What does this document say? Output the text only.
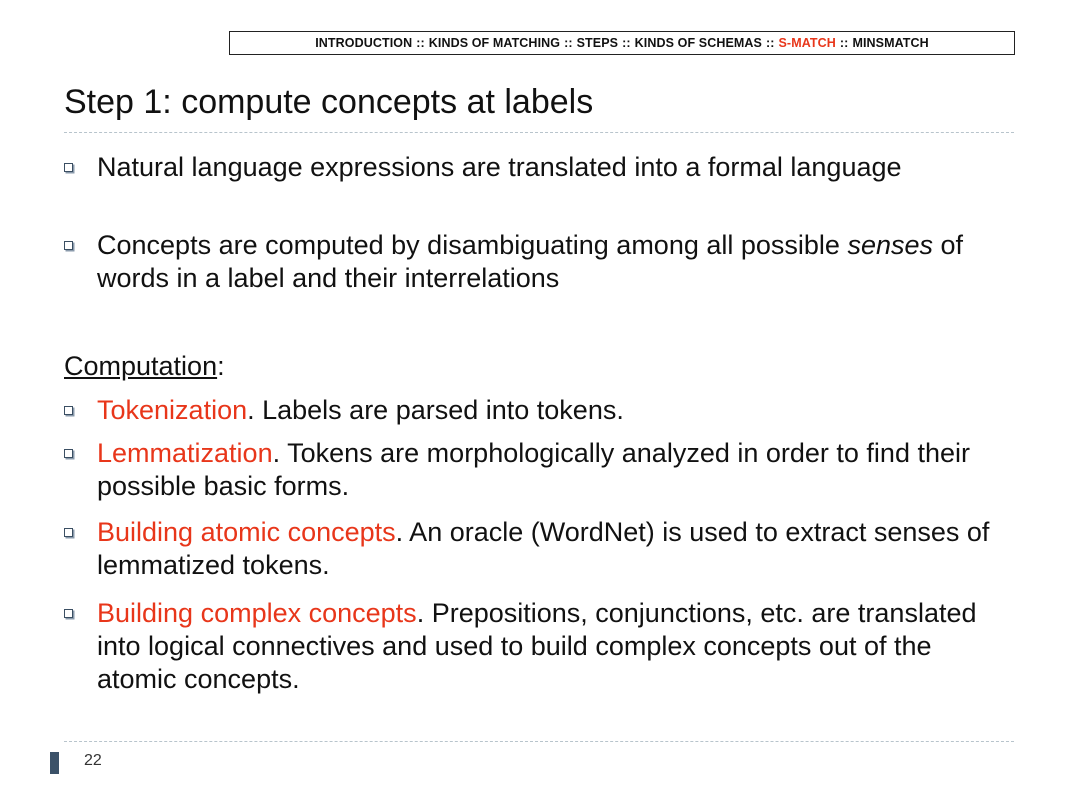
INTRODUCTION :: KINDS OF MATCHING :: STEPS :: KINDS OF SCHEMAS :: S-MATCH :: MINSMATCH
Step 1: compute concepts at labels
Natural language expressions are translated into a formal language
Concepts are computed by disambiguating among all possible senses of words in a label and their interrelations
Computation:
Tokenization. Labels are parsed into tokens.
Lemmatization. Tokens are morphologically analyzed in order to find their possible basic forms.
Building atomic concepts. An oracle (WordNet) is used to extract senses of lemmatized tokens.
Building complex concepts. Prepositions, conjunctions, etc. are translated into logical connectives and used to build complex concepts out of the atomic concepts.
22
